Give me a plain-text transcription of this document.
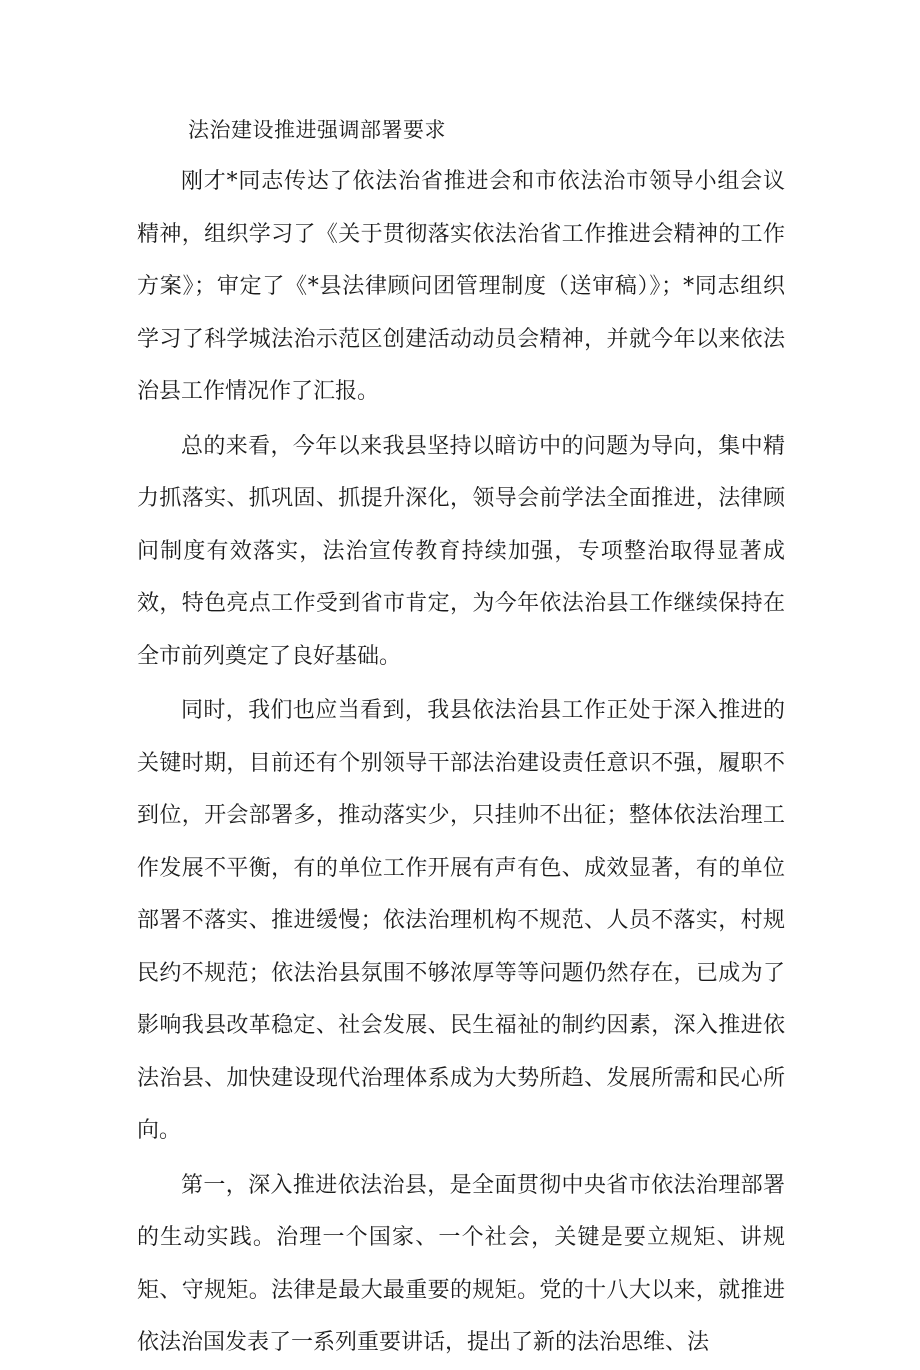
法治建设推进强调部署要求

刚才*同志传达了依法治省推进会和市依法治市领导小组会议精神，组织学习了《关于贯彻落实依法治省工作推进会精神的工作方案》；审定了《*县法律顾问团管理制度（送审稿）》；*同志组织学习了科学城法治示范区创建活动动员会精神，并就今年以来依法治县工作情况作了汇报。

总的来看，今年以来我县坚持以暗访中的问题为导向，集中精力抓落实、抓巩固、抓提升深化，领导会前学法全面推进，法律顾问制度有效落实，法治宣传教育持续加强，专项整治取得显著成效，特色亮点工作受到省市肯定，为今年依法治县工作继续保持在全市前列奠定了良好基础。

同时，我们也应当看到，我县依法治县工作正处于深入推进的关键时期，目前还有个别领导干部法治建设责任意识不强，履职不到位，开会部署多，推动落实少，只挂帅不出征；整体依法治理工作发展不平衡，有的单位工作开展有声有色、成效显著，有的单位部署不落实、推进缓慢；依法治理机构不规范、人员不落实，村规民约不规范；依法治县氛围不够浓厚等等问题仍然存在，已成为了影响我县改革稳定、社会发展、民生福祉的制约因素，深入推进依法治县、加快建设现代治理体系成为大势所趋、发展所需和民心所向。

第一，深入推进依法治县，是全面贯彻中央省市依法治理部署的生动实践。治理一个国家、一个社会，关键是要立规矩、讲规矩、守规矩。法律是最大最重要的规矩。党的十八大以来，就推进依法治国发表了一系列重要讲话，提出了新的法治思维、法
